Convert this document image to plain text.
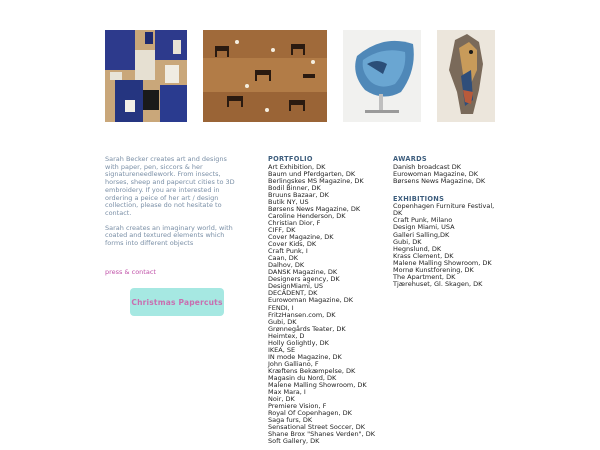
Sarah Becker creates art and designs with paper, pen, siccors & her signatureneedlework. From insects, horses, sheep and papercut cities to 3D embroidery. If you are interested in ordering a peice of her art / design collection, please do not hesitate to contact.

Sarah creates an imaginary world, with coated and textured elements which forms into different objects

press & contact
Christmas Papercuts
PORTFOLIO
Art Exhibition, DK
Baum und Pferdgarten, DK
Berlingskes MS Magazine, DK
Bodil Binner, DK
Bruuns Bazaar, DK
Butik NY, US
Børsens News Magazine, DK
Caroline Henderson, DK
Christian Dior, F
CIFF, DK
Cover Magazine, DK
Cover Kids, DK
Craft Punk, I
Caan, DK
Dalhov, DK
DANSK Magazine, DK
Designers agency, DK
DesignMiami, US
DECADENT, DK
Eurowoman Magazine, DK
FENDI, I
FritzHansen.com, DK
Gubi, DK
Grønnegårds Teater, DK
Heimtex, D
Holly Golightly, DK
IKEA, SE
IN mode Magazine, DK
John Galliano, F
Kræftens Bekæmpelse, DK
Magasin du Nord, DK
Malene Malling Showroom, DK
Max Mara, I
Noir, DK
Premiere Vision, F
Royal Of Copenhagen, DK
Saga furs, DK
Sensational Street Soccer, DK
Shane Brox "Shanes Verden", DK
Soft Gallery, DK
AWARDS
Danish broadcast DK
Eurowoman Magazine, DK
Børsens News Magazine, DK
EXHIBITIONS
Copenhagen Furniture Festival, DK
Craft Punk, Milano
Design Miami, USA
Galleri Salling,DK
Gubi, DK
Hegnslund, DK
Krass Clement, DK
Malene Malling Showroom, DK
Mornø Kunstforening, DK
The Apartment, DK
Tjærehuset, Gl. Skagen, DK
